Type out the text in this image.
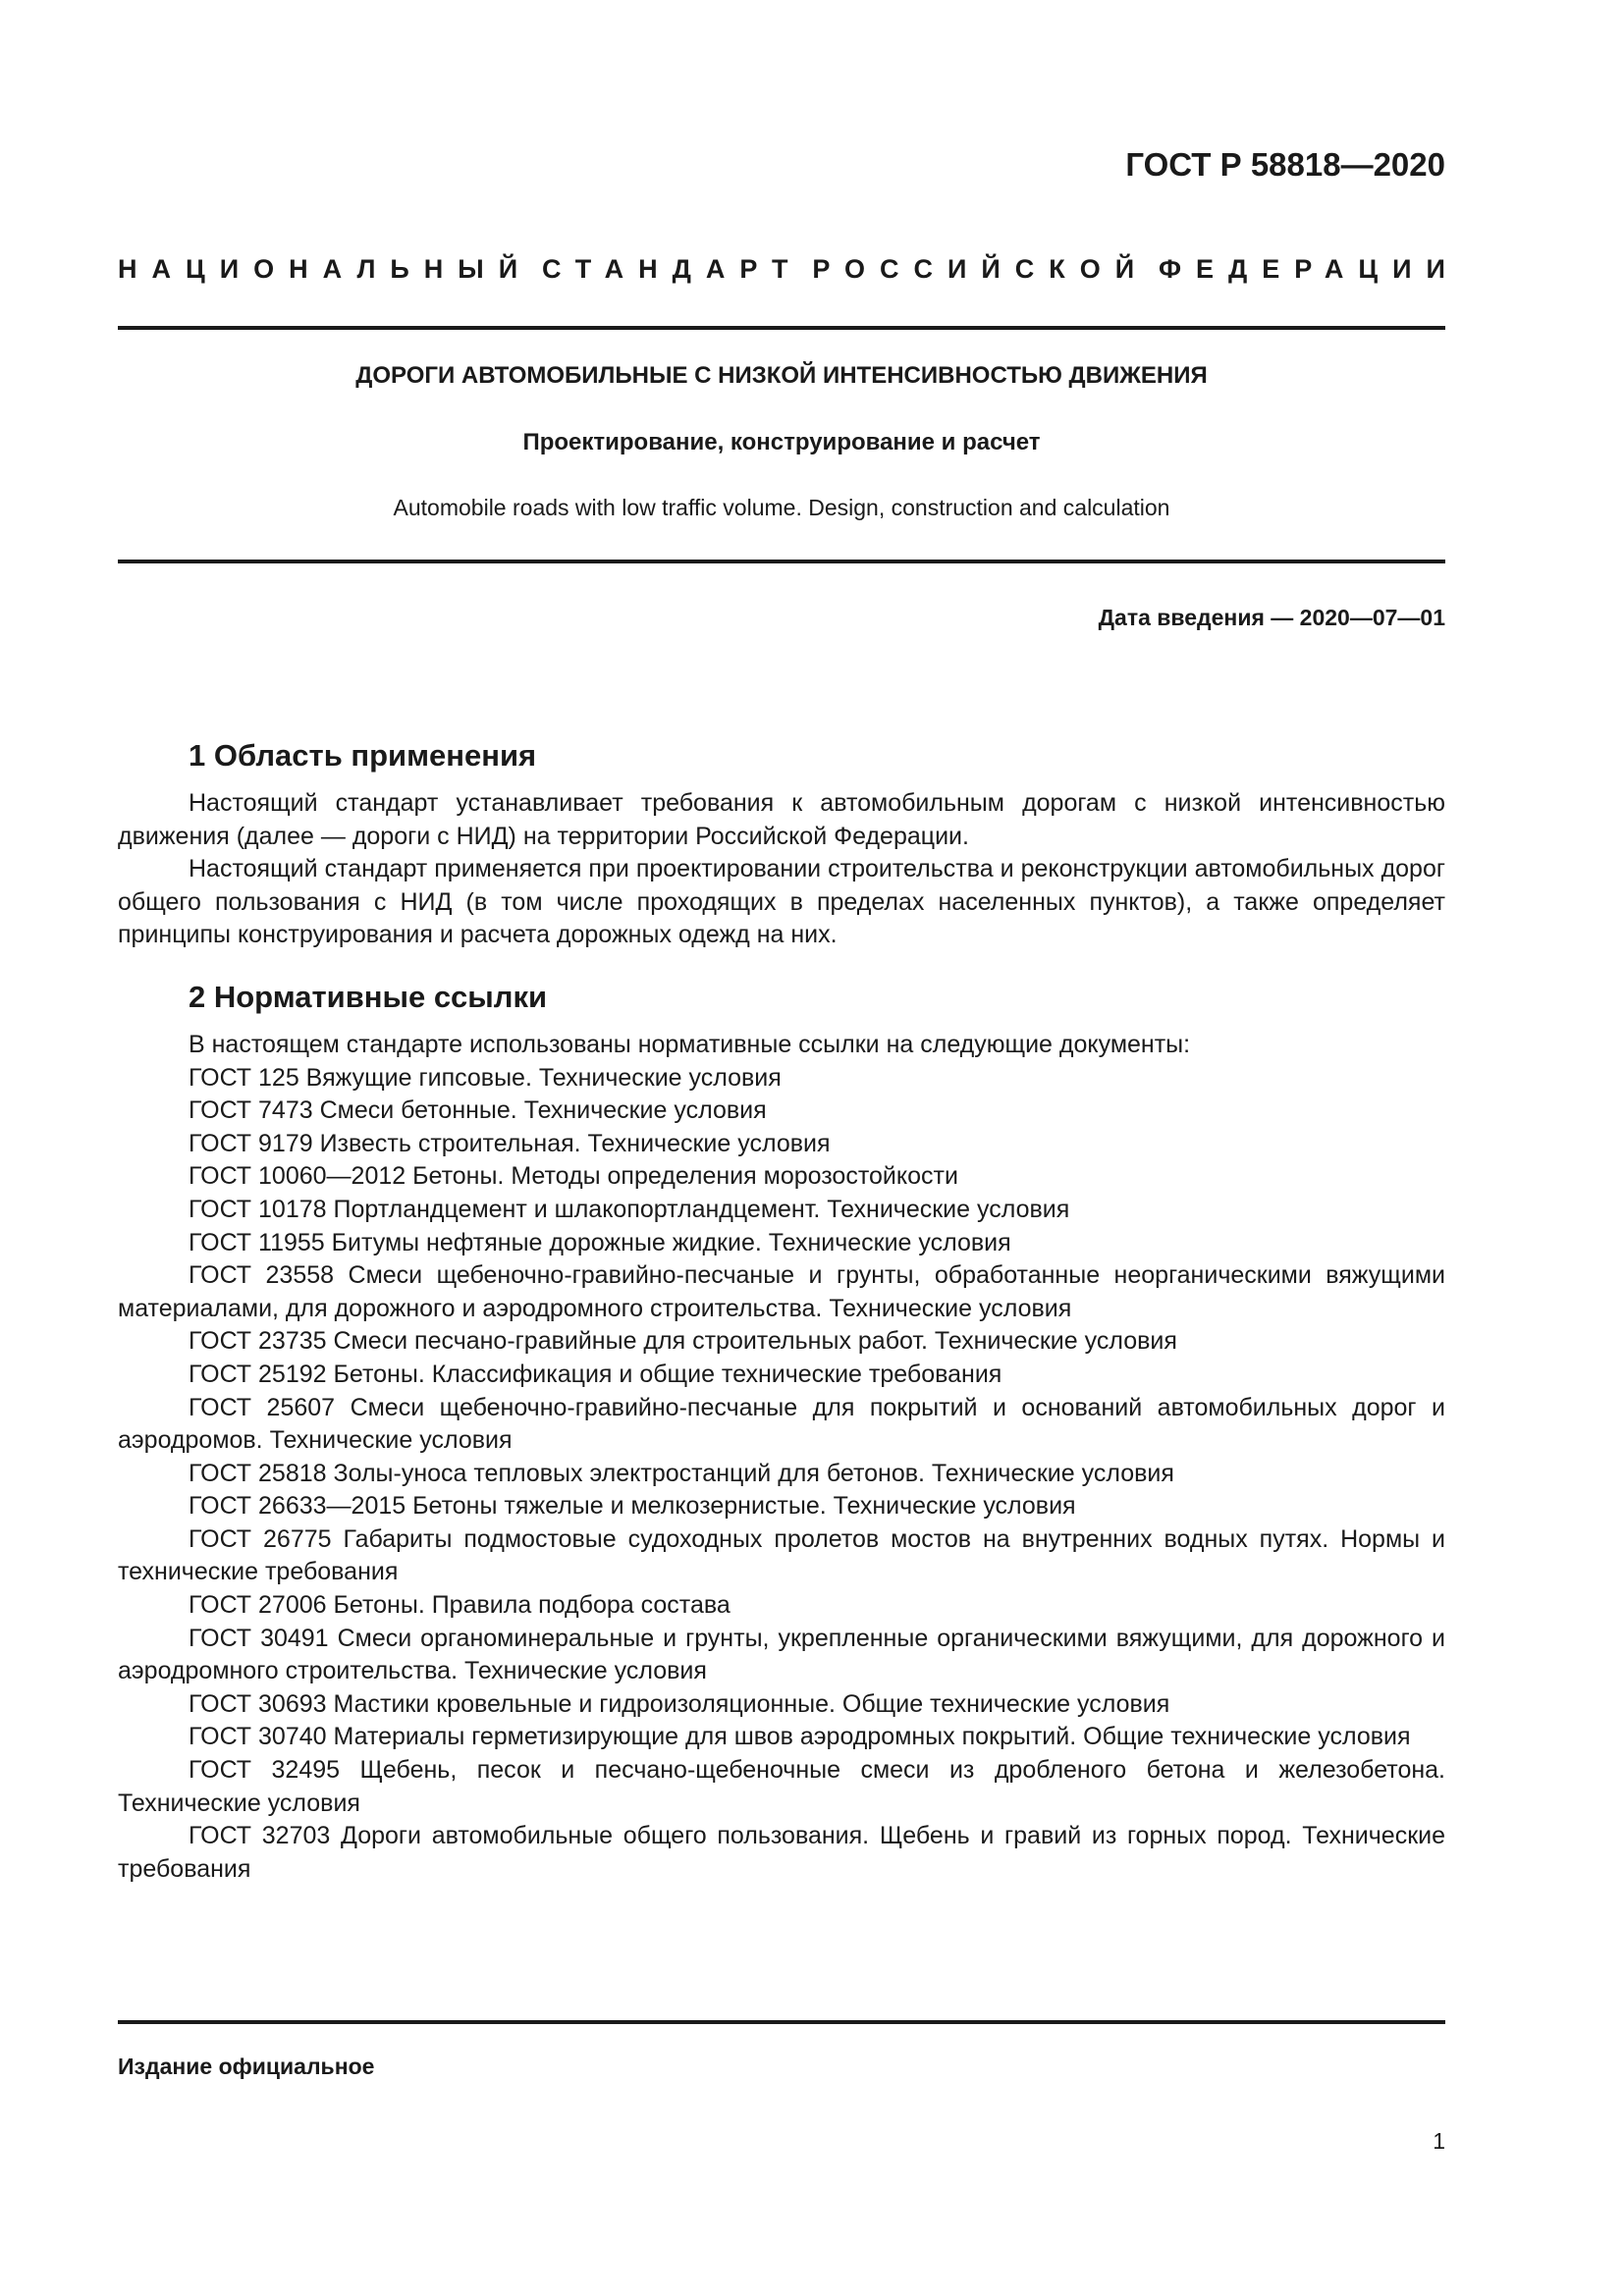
ГОСТ Р 58818—2020
НАЦИОНАЛЬНЫЙ СТАНДАРТ РОССИЙСКОЙ ФЕДЕРАЦИИ
ДОРОГИ АВТОМОБИЛЬНЫЕ С НИЗКОЙ ИНТЕНСИВНОСТЬЮ ДВИЖЕНИЯ
Проектирование, конструирование и расчет
Automobile roads with low traffic volume. Design, construction and calculation
Дата введения — 2020—07—01
1 Область применения

Настоящий стандарт устанавливает требования к автомобильным дорогам с низкой интенсивностью движения (далее — дороги с НИД) на территории Российской Федерации.

Настоящий стандарт применяется при проектировании строительства и реконструкции автомобильных дорог общего пользования с НИД (в том числе проходящих в пределах населенных пунктов), а также определяет принципы конструирования и расчета дорожных одежд на них.

2 Нормативные ссылки

В настоящем стандарте использованы нормативные ссылки на следующие документы:

ГОСТ 125 Вяжущие гипсовые. Технические условия

ГОСТ 7473 Смеси бетонные. Технические условия

ГОСТ 9179 Известь строительная. Технические условия

ГОСТ 10060—2012 Бетоны. Методы определения морозостойкости

ГОСТ 10178 Портландцемент и шлакопортландцемент. Технические условия

ГОСТ 11955 Битумы нефтяные дорожные жидкие. Технические условия

ГОСТ 23558 Смеси щебеночно-гравийно-песчаные и грунты, обработанные неорганическими вяжущими материалами, для дорожного и аэродромного строительства. Технические условия

ГОСТ 23735 Смеси песчано-гравийные для строительных работ. Технические условия

ГОСТ 25192 Бетоны. Классификация и общие технические требования

ГОСТ 25607 Смеси щебеночно-гравийно-песчаные для покрытий и оснований автомобильных дорог и аэродромов. Технические условия

ГОСТ 25818 Золы-уноса тепловых электростанций для бетонов. Технические условия

ГОСТ 26633—2015 Бетоны тяжелые и мелкозернистые. Технические условия

ГОСТ 26775 Габариты подмостовые судоходных пролетов мостов на внутренних водных путях. Нормы и технические требования

ГОСТ 27006 Бетоны. Правила подбора состава

ГОСТ 30491 Смеси органоминеральные и грунты, укрепленные органическими вяжущими, для дорожного и аэродромного строительства. Технические условия

ГОСТ 30693 Мастики кровельные и гидроизоляционные. Общие технические условия

ГОСТ 30740 Материалы герметизирующие для швов аэродромных покрытий. Общие технические условия

ГОСТ 32495 Щебень, песок и песчано-щебеночные смеси из дробленого бетона и железобетона. Технические условия

ГОСТ 32703 Дороги автомобильные общего пользования. Щебень и гравий из горных пород. Технические требования

Издание официальное
1
